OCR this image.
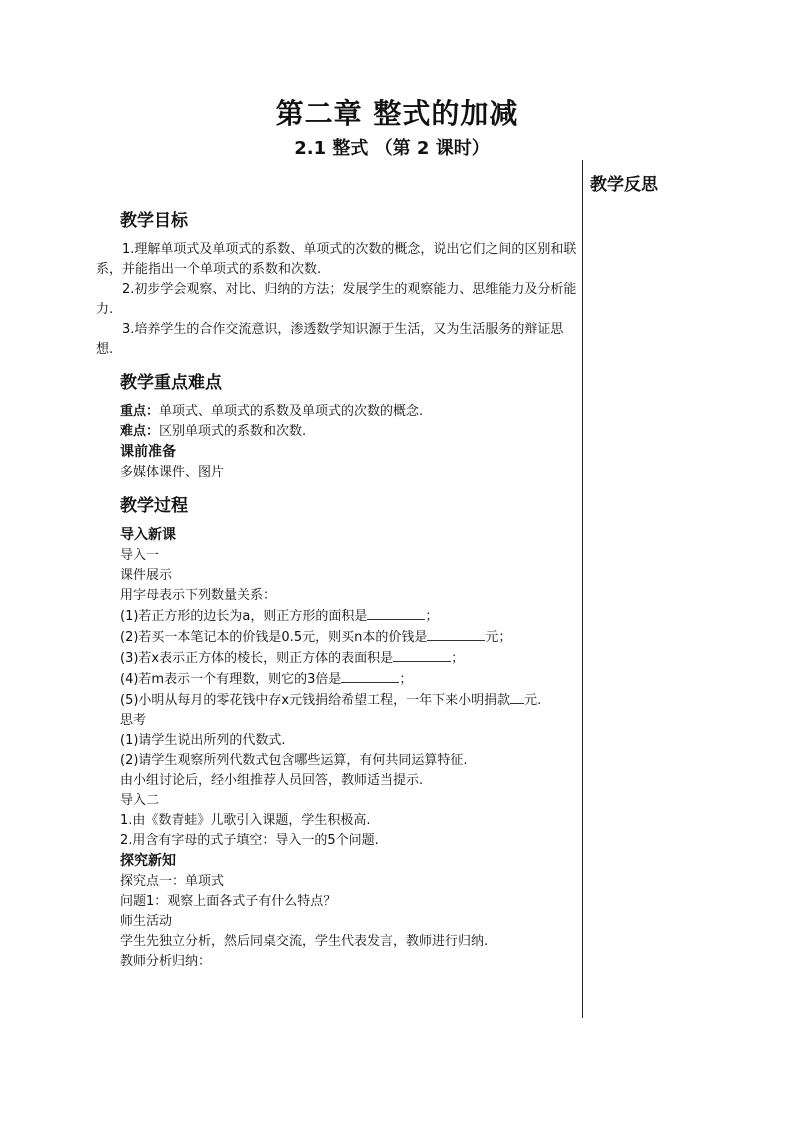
第二章 整式的加减
2.1 整式 （第 2 课时）
教学反思
教学目标

1.理解单项式及单项式的系数、单项式的次数的概念，说出它们之间的区别和联系，并能指出一个单项式的系数和次数.

2.初步学会观察、对比、归纳的方法；发展学生的观察能力、思维能力及分析能力.

3.培养学生的合作交流意识，渗透数学知识源于生活，又为生活服务的辩证思想.

教学重点难点

重点：单项式、单项式的系数及单项式的次数的概念.

难点：区别单项式的系数和次数.

课前准备

多媒体课件、图片

教学过程
导入新课

导入一

课件展示

用字母表示下列数量关系：

(1)若正方形的边长为a，则正方形的面积是	；

(2)若买一本笔记本的价钱是0.5元，则买n本的价钱是	元；

(3)若x表示正方体的棱长，则正方体的表面积是	；

(4)若m表示一个有理数，则它的3倍是	；

(5)小明从每月的零花钱中存x元钱捐给希望工程，一年下来小明捐款 元.

思考

(1)请学生说出所列的代数式.

(2)请学生观察所列代数式包含哪些运算，有何共同运算特征.

由小组讨论后，经小组推荐人员回答，教师适当提示.

导入二

1.由《数青蛙》儿歌引入课题，学生积极高.

2.用含有字母的式子填空：导入一的5个问题.

探究新知

探究点一：单项式

问题1：观察上面各式子有什么特点？

师生活动

学生先独立分析，然后同桌交流，学生代表发言，教师进行归纳.

教师分析归纳：
